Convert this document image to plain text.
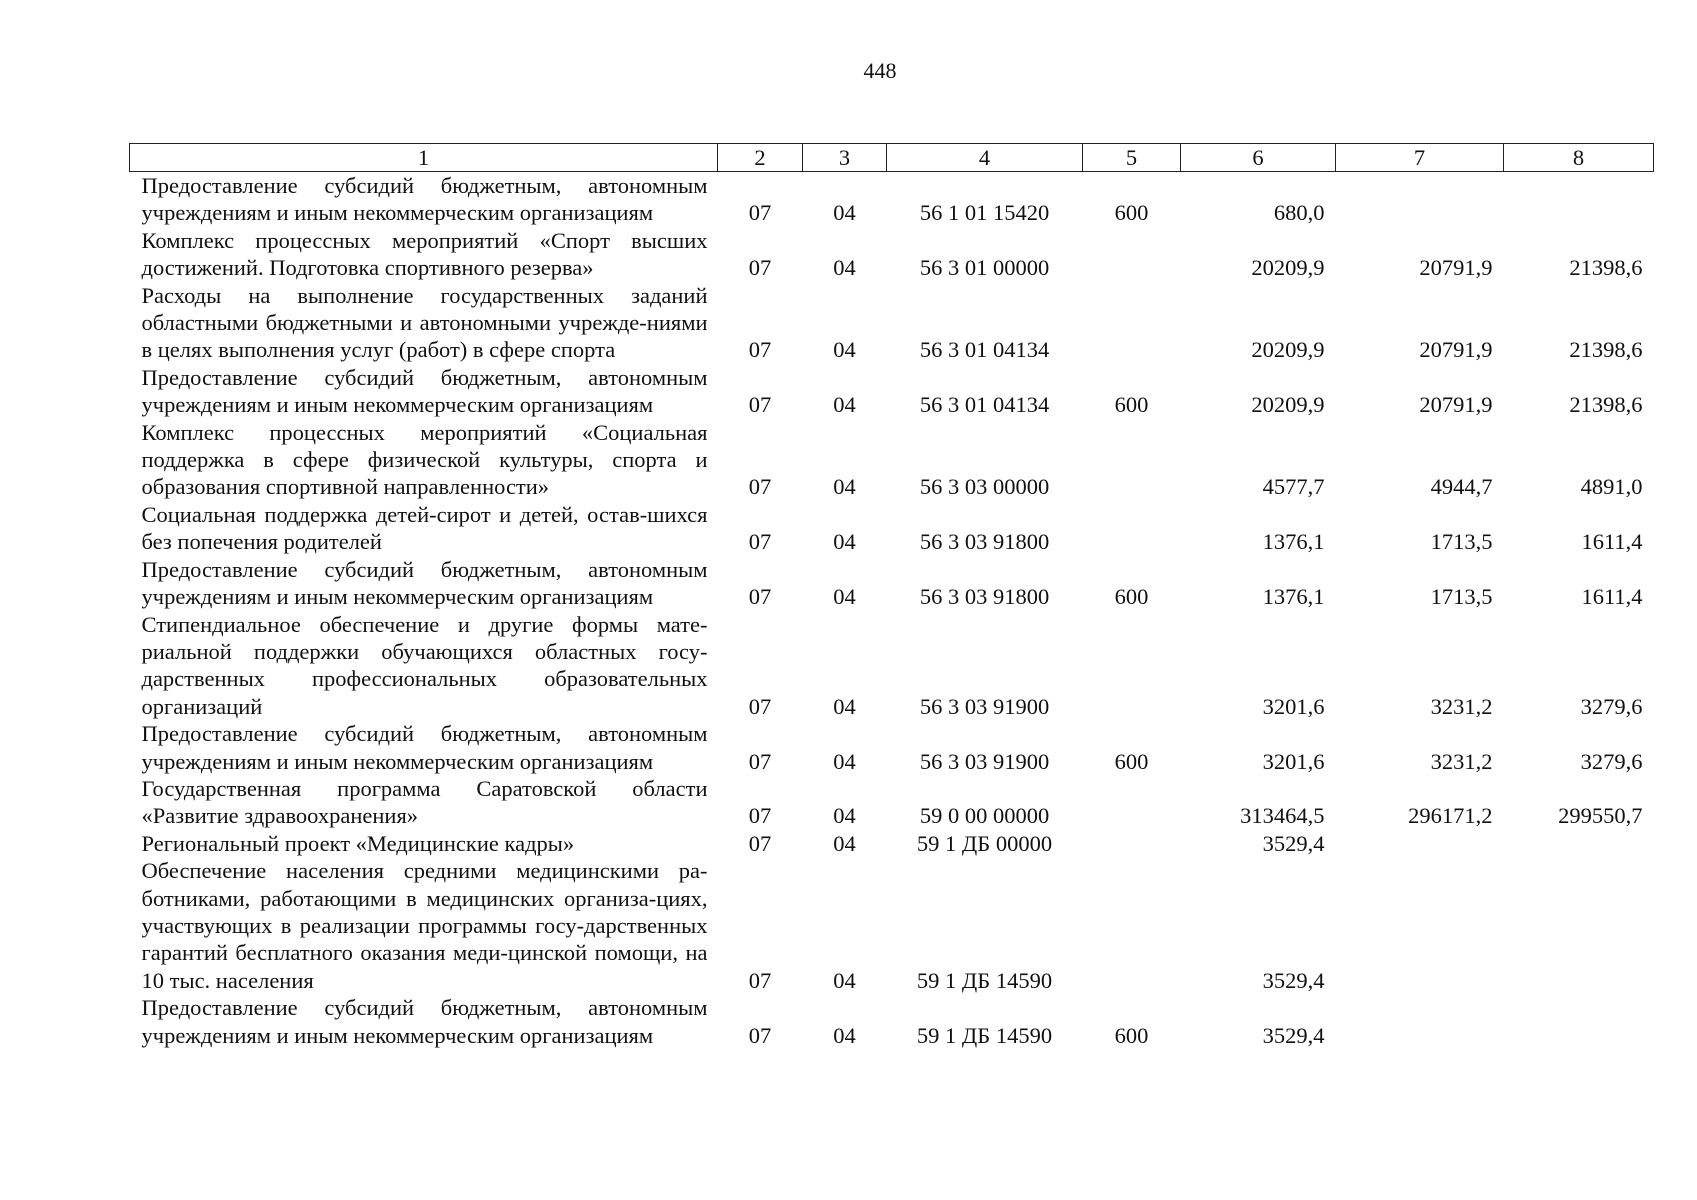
448
1	2	3	4	5	6	7	8
Предоставление субсидий бюджетным, автономным учреждениям и иным некоммерческим организациям	07	04	56 1 01 15420	600	680,0		
Комплекс процессных мероприятий «Спорт высших достижений. Подготовка спортивного резерва»	07	04	56 3 01 00000		20209,9	20791,9	21398,6
Расходы на выполнение государственных заданий областными бюджетными и автономными учрежде-ниями в целях выполнения услуг (работ) в сфере спорта	07	04	56 3 01 04134		20209,9	20791,9	21398,6
Предоставление субсидий бюджетным, автономным учреждениям и иным некоммерческим организациям	07	04	56 3 01 04134	600	20209,9	20791,9	21398,6
Комплекс процессных мероприятий «Социальная поддержка в сфере физической культуры, спорта и образования спортивной направленности»	07	04	56 3 03 00000		4577,7	4944,7	4891,0
Социальная поддержка детей-сирот и детей, остав-шихся без попечения родителей	07	04	56 3 03 91800		1376,1	1713,5	1611,4
Предоставление субсидий бюджетным, автономным учреждениям и иным некоммерческим организациям	07	04	56 3 03 91800	600	1376,1	1713,5	1611,4
Стипендиальное обеспечение и другие формы мате-риальной поддержки обучающихся областных госу-дарственных профессиональных образовательных организаций	07	04	56 3 03 91900		3201,6	3231,2	3279,6
Предоставление субсидий бюджетным, автономным учреждениям и иным некоммерческим организациям	07	04	56 3 03 91900	600	3201,6	3231,2	3279,6
Государственная программа Саратовской области «Развитие здравоохранения»	07	04	59 0 00 00000		313464,5	296171,2	299550,7
Региональный проект «Медицинские кадры»	07	04	59 1 ДБ 00000		3529,4		
Обеспечение населения средними медицинскими ра-ботниками, работающими в медицинских организа-циях, участвующих в реализации программы госу-дарственных гарантий бесплатного оказания меди-цинской помощи, на 10 тыс. населения	07	04	59 1 ДБ 14590		3529,4		
Предоставление субсидий бюджетным, автономным учреждениям и иным некоммерческим организациям	07	04	59 1 ДБ 14590	600	3529,4		
